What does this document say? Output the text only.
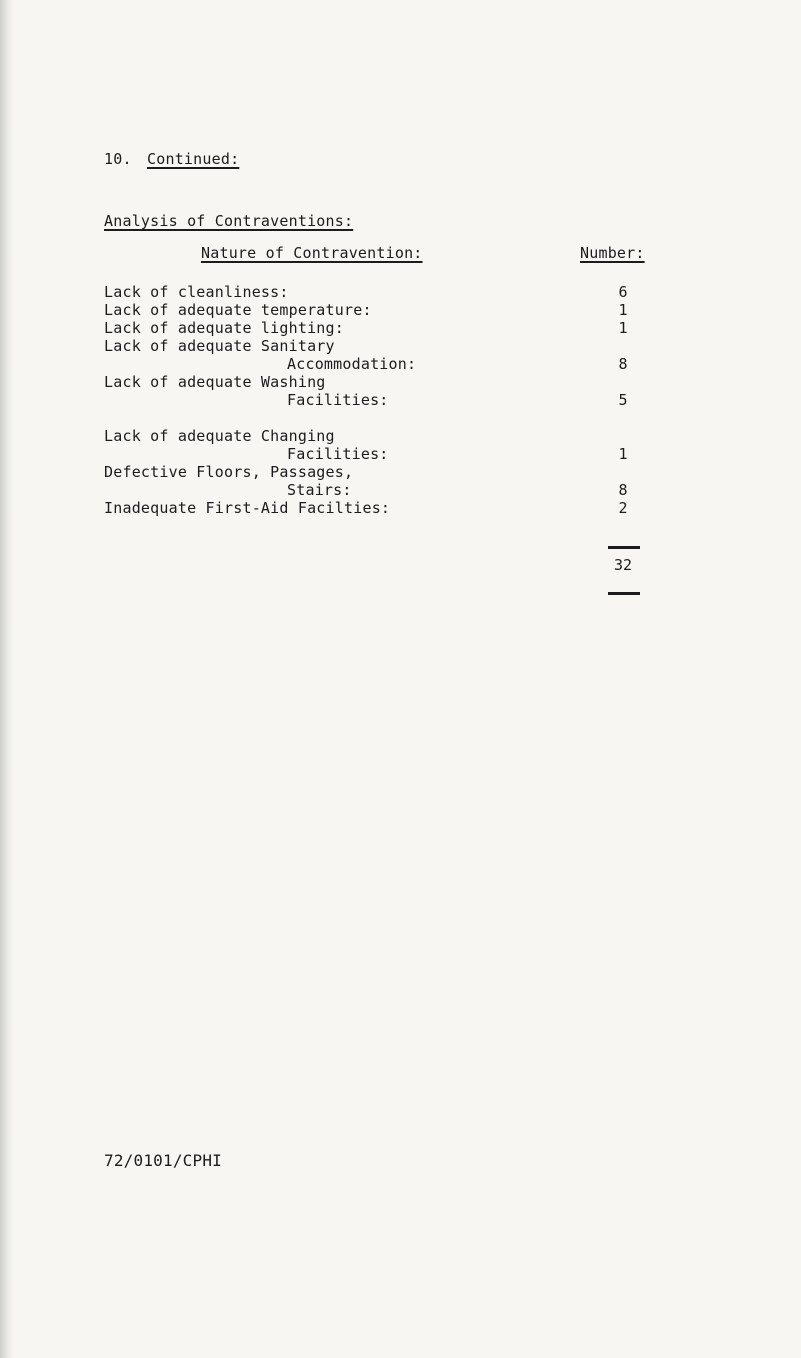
10. Continued:
Analysis of Contraventions:
Nature of Contravention:	Number:
Lack of cleanliness:	6
Lack of adequate temperature:	1
Lack of adequate lighting:	1
Lack of adequate Sanitary
Accommodation:	8
Lack of adequate Washing
Facilities:	5
Lack of adequate Changing
Facilities:	1
Defective Floors, Passages,
Stairs:	8
Inadequate First-Aid Facilties:	2
32
72/0101/CPHI
